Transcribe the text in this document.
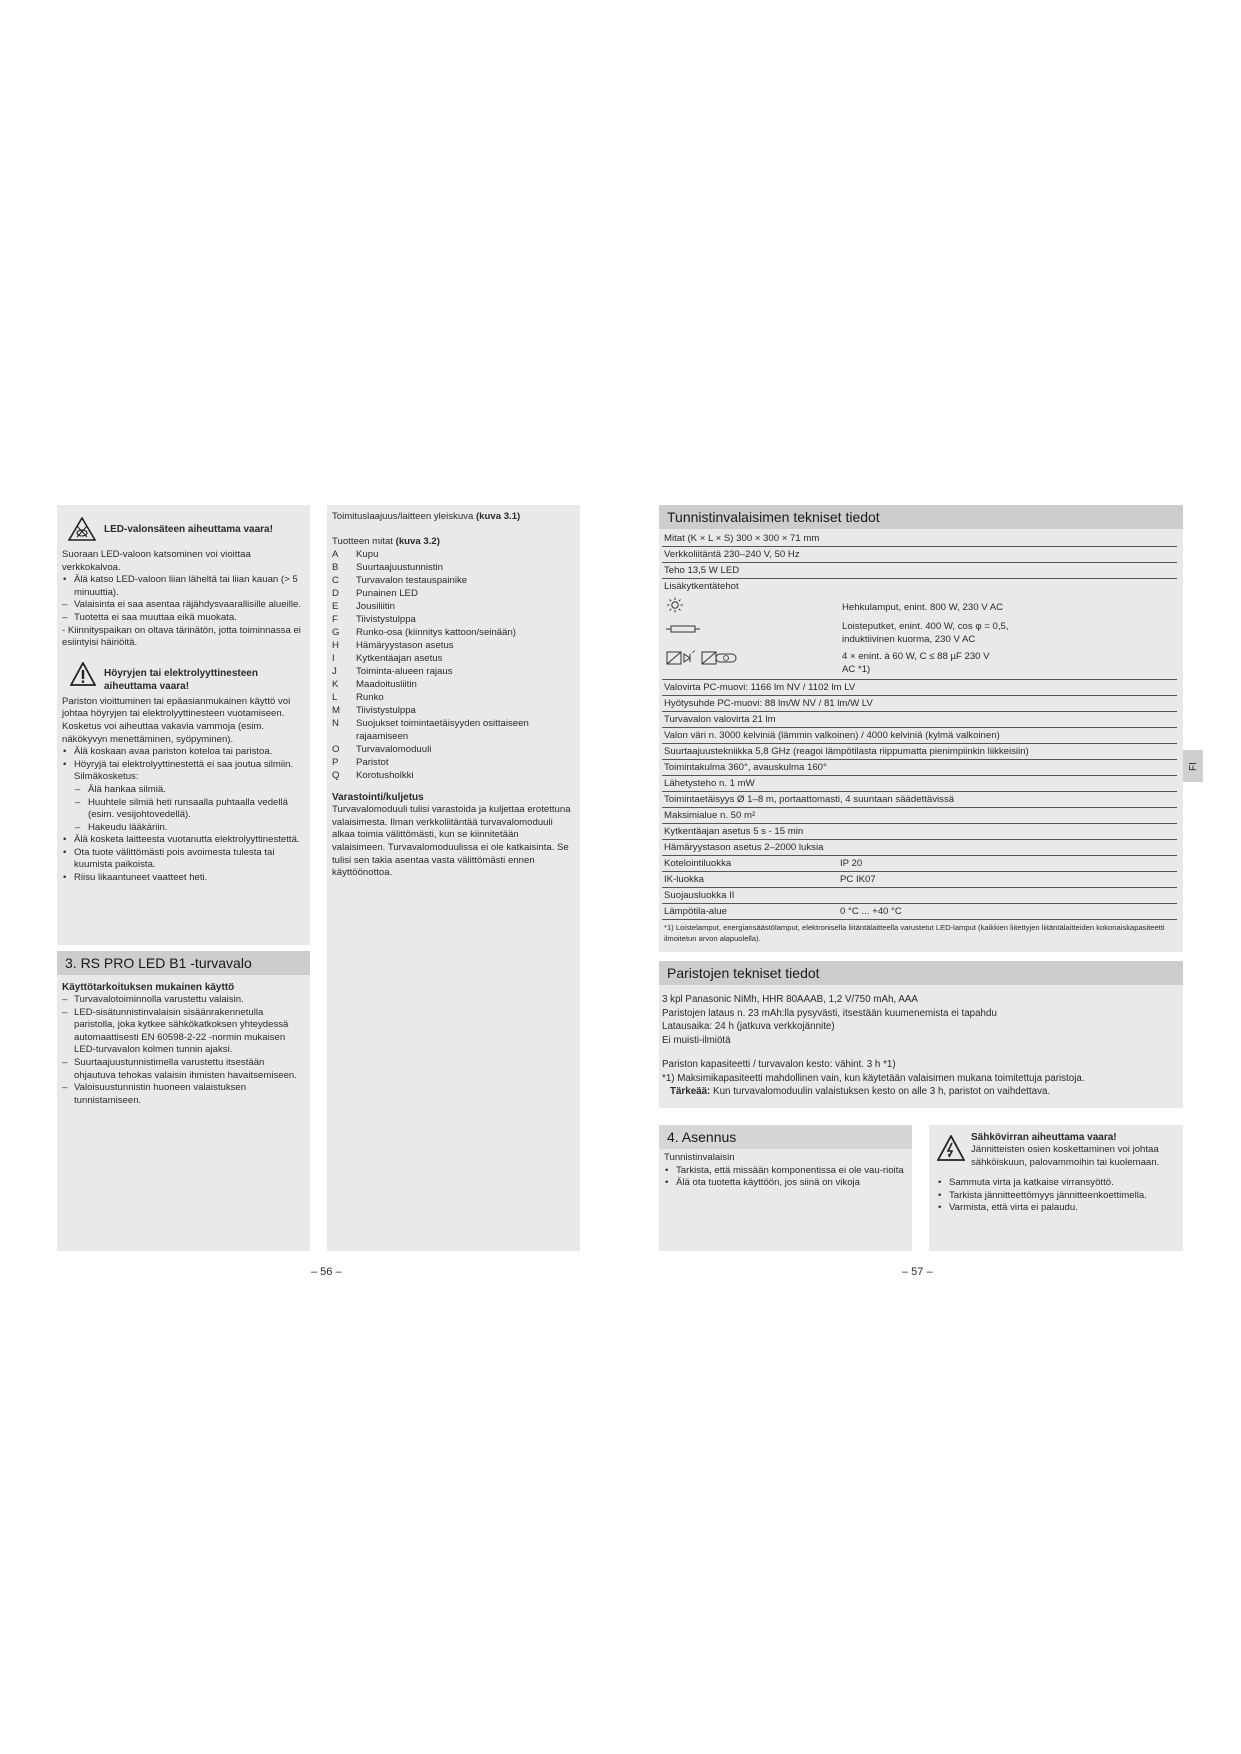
LED-valonsäteen aiheuttama vaara!
Suoraan LED-valoon katsominen voi vioittaa verkkokalvoa.
• Älä katso LED-valoon liian läheltä tai liian kauan (> 5 minuuttia).
– Valaisinta ei saa asentaa räjähdysvaarallisille alueille.
– Tuotetta ei saa muuttaa eikä muokata.
- Kiinnityspaikan on oltava tärinätön, jotta toiminnassa ei esiintyisi häiriöitä.
Höyryjen tai elektrolyyttinesteen aiheuttama vaara!
Pariston vioittuminen tai epäasianmukainen käyttö voi johtaa höyryjen tai elektrolyyttinesteen vuotamiseen. Kosketus voi aiheuttaa vakavia vammoja (esim. näkökyvyn menettäminen, syöpyminen).
• Älä koskaan avaa pariston koteloa tai paristoa.
• Höyryjä tai elektrolyyttinestettä ei saa joutua silmiin. Silmäkosketus:
– Älä hankaa silmiä.
– Huuhtele silmiä heti runsaalla puhtaalla vedellä (esim. vesijohtovedellä).
– Hakeudu lääkäriin.
• Älä kosketa laitteesta vuotanutta elektrolyyttinestettä.
• Ota tuote välittömästi pois avoimesta tulesta tai kuumista paikoista.
• Riisu likaantuneet vaatteet heti.
3. RS PRO LED B1 -turvavalo
Käyttötarkoituksen mukainen käyttö
– Turvavalotoiminnolla varustettu valaisin.
– LED-sisätunnistinvalaisin sisäänrakennetulla paristolla, joka kytkee sähkökatkoksen yhteydessä automaattisesti EN 60598-2-22 -normin mukaisen LED-turvavalon kolmen tunnin ajaksi.
– Suurtaajuustunnistimella varustettu itsestään ohjautuva tehokas valaisin ihmisten havaitsemiseen.
– Valoisuustunnistin huoneen valaistuksen tunnistamiseen.
Toimituslaajuus/laitteen yleiskuva (kuva 3.1)
Tuotteen mitat (kuva 3.2)
A	Kupu
B	Suurtaajuustunnistin
C	Turvavalon testauspainike
D	Punainen LED
E	Jousiliitin
F	Tiivistystulppa
G	Runko-osa (kiinnitys kattoon/seinään)
H	Hämäryystason asetus
I	Kytkentäajan asetus
J	Toiminta-alueen rajaus
K	Maadoitusliitin
L	Runko
M	Tiivistystulppa
N	Suojukset toimintaetäisyyden osittaiseen rajaamiseen
O	Turvavalomoduuli
P	Paristot
Q	Korotusholkki
Varastointi/kuljetus
Turvavalomoduuli tulisi varastoida ja kuljettaa erotettuna valaisimesta. Ilman verkkoliitäntää turvavalomoduuli alkaa toimia välittömästi, kun se kiinnitetään valaisimeen. Turvavalomoduulissa ei ole katkaisinta. Se tulisi sen takia asentaa vasta välittömästi ennen käyttöönottoa.
– 56 –
Tunnistinvalaisimen tekniset tiedot
Mitat (K × L × S) 300 × 300 × 71 mm
Verkkoliitäntä 230–240 V, 50 Hz
Teho 13,5 W LED
Lisäkytkentätehot
Hehkulamput, enint. 800 W, 230 V AC
Loisteputket, enint. 400 W, cos φ = 0,5, induktiivinen kuorma, 230 V AC
4 × enint. à 60 W, C ≤ 88 µF 230 V AC *1)
Valovirta PC-muovi: 1166 lm NV / 1102 lm LV
Hyötysuhde PC-muovi: 88 lm/W NV / 81 lm/W LV
Turvavalon valovirta 21 lm
Valon väri n. 3000 kelviniä (lämmin valkoinen) / 4000 kelviniä (kylmä valkoinen)
Suurtaajuustekniikka 5,8 GHz (reagoi lämpötilasta riippumatta pienimpiinkin liikkeisiin)
Toimintakulma 360°, avauskulma 160°
Lähetysteho n. 1 mW
Toimintaetäisyys Ø 1–8 m, portaattomasti, 4 suuntaan säädettävissä
Maksimialue n. 50 m²
Kytkentäajan asetus 5 s - 15 min
Hämäryystason asetus 2–2000 luksia
Kotelointiluokka	IP 20
IK-luokka	PC IK07
Suojausluokka II
Lämpötila-alue	0 °C ... +40 °C
*1) Loistelamput, energiansäästölamput, elektronisella liitäntälaitteella varustetut LED-lamput (kaikkien liitettyjen liitäntälaitteiden kokonaiskapasiteetti ilmoitetun arvon alapuolella).
Paristojen tekniset tiedot
3 kpl Panasonic NiMh, HHR 80AAAB, 1,2 V/750 mAh, AAA
Paristojen lataus n. 23 mAh:lla pysyvästi, itsestään kuumenemista ei tapahdu
Latausaika: 24 h (jatkuva verkkojännite)
Ei muisti-ilmiötä
Pariston kapasiteetti / turvavalon kesto: vähint. 3 h *1)
*1) Maksimikapasiteetti mahdollinen vain, kun käytetään valaisimen mukana toimitettuja paristoja.
Tärkeää: Kun turvavalomoduulin valaistuksen kesto on alle 3 h, paristot on vaihdettava.
4. Asennus
Tunnistinvalaisin
• Tarkista, että missään komponentissa ei ole vau-rioita
• Älä ota tuotetta käyttöön, jos siinä on vikoja
Sähkövirran aiheuttama vaara!
Jännitteisten osien koskettaminen voi johtaa sähköiskuun, palovammoihin tai kuolemaan.
• Sammuta virta ja katkaise virransyöttö.
• Tarkista jännitteettömyys jännitteenkoettimella.
• Varmista, että virta ei palaudu.
FI
– 57 –
